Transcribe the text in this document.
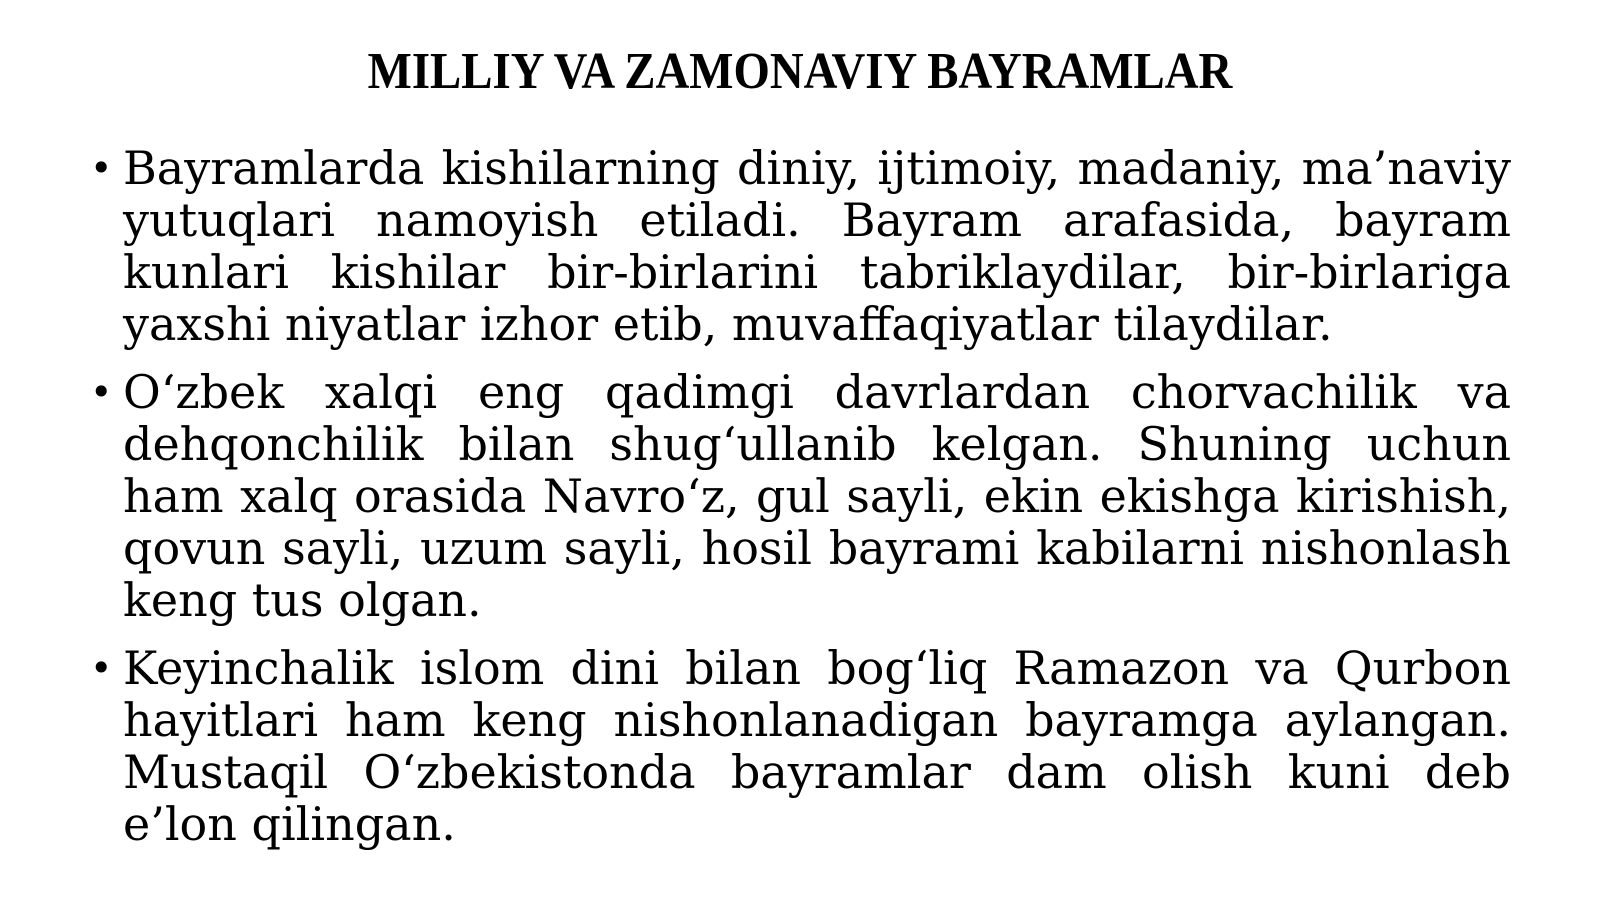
MILLIY VA ZAMONAVIY BAYRAMLAR
• Bayramlarda kishilarning diniy, ijtimoiy, madaniy, ma’naviy yutuqlari namoyish etiladi. Bayram arafasida, bayram kunlari kishilar bir-birlarini tabriklaydilar, bir-birlariga yaxshi niyatlar izhor etib, muvaffaqiyatlar tilaydilar.
• O‘zbek xalqi eng qadimgi davrlardan chorvachilik va dehqonchilik bilan shug‘ullanib kelgan. Shuning uchun ham xalq orasida Navro‘z, gul sayli, ekin ekishga kirishish, qovun sayli, uzum sayli, hosil bayrami kabilarni nishonlash keng tus olgan.
• Keyinchalik islom dini bilan bog‘liq Ramazon va Qurbon hayitlari ham keng nishonlanadigan bayramga aylangan. Mustaqil O‘zbekistonda bayramlar dam olish kuni deb e’lon qilingan.
